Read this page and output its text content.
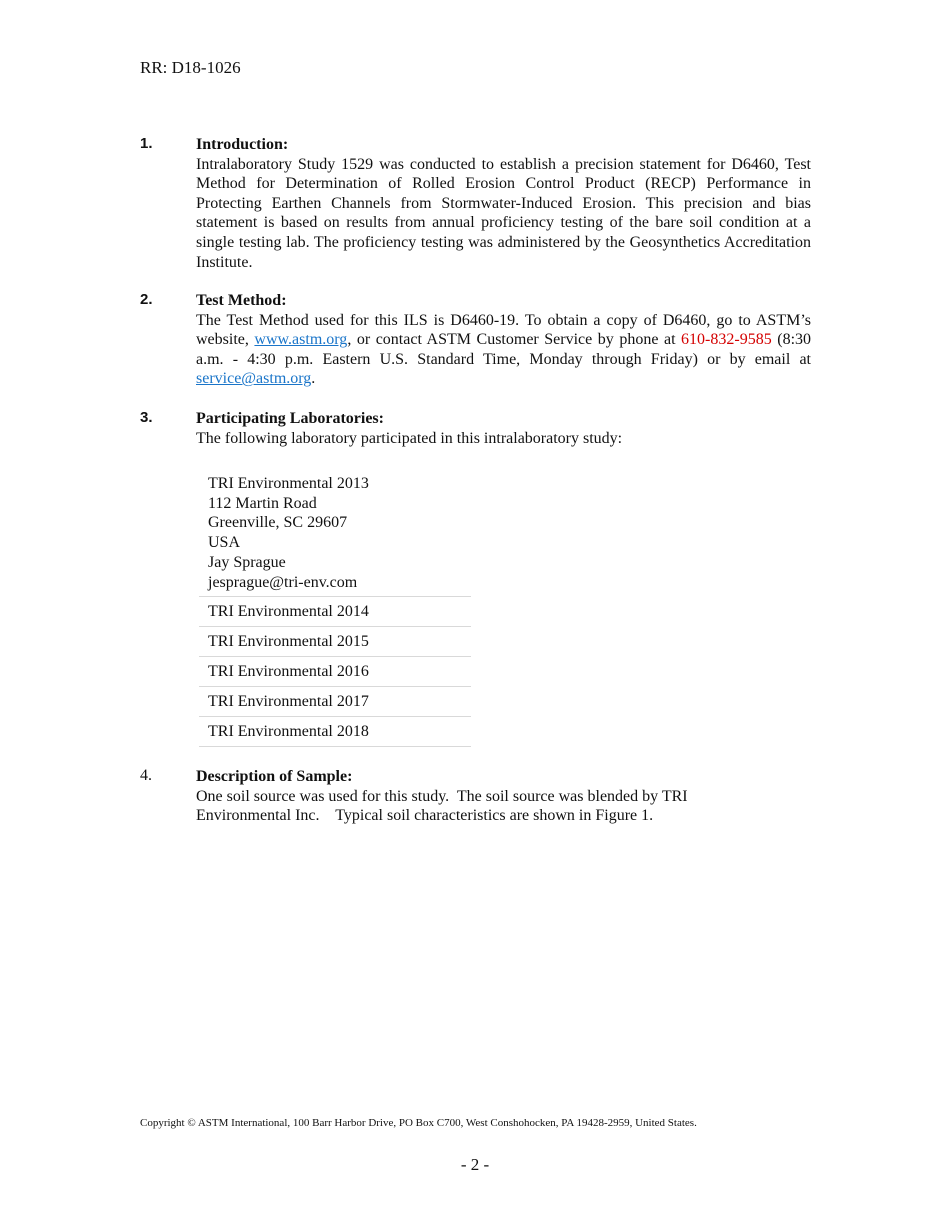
RR: D18-1026
1.	Introduction:
Intralaboratory Study 1529 was conducted to establish a precision statement for D6460, Test Method for Determination of Rolled Erosion Control Product (RECP) Performance in Protecting Earthen Channels from Stormwater-Induced Erosion. This precision and bias statement is based on results from annual proficiency testing of the bare soil condition at a single testing lab. The proficiency testing was administered by the Geosynthetics Accreditation Institute.
2.	Test Method:
The Test Method used for this ILS is D6460-19. To obtain a copy of D6460, go to ASTM’s website, www.astm.org, or contact ASTM Customer Service by phone at 610-832-9585 (8:30 a.m. - 4:30 p.m. Eastern U.S. Standard Time, Monday through Friday) or by email at service@astm.org.
3.	Participating Laboratories:
The following laboratory participated in this intralaboratory study:
TRI Environmental 2013
112 Martin Road
Greenville, SC 29607
USA
Jay Sprague
jesprague@tri-env.com

TRI Environmental 2014
TRI Environmental 2015
TRI Environmental 2016
TRI Environmental 2017
TRI Environmental 2018
4.	Description of Sample:
One soil source was used for this study.  The soil source was blended by TRI Environmental Inc.    Typical soil characteristics are shown in Figure 1.
Copyright © ASTM International, 100 Barr Harbor Drive, PO Box C700, West Conshohocken, PA 19428-2959, United States.
- 2 -
